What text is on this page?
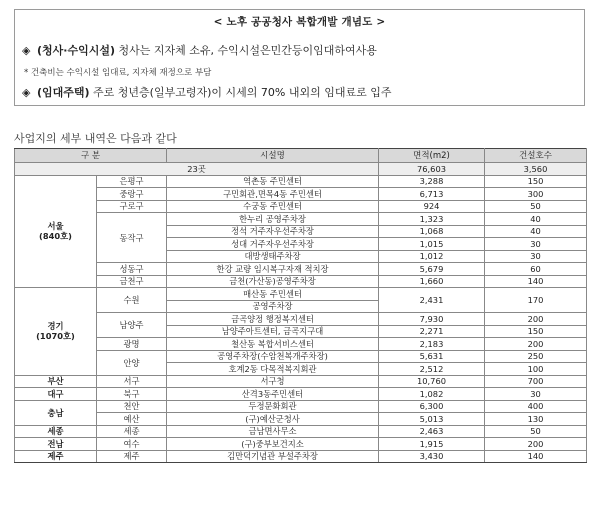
< 노후 공공청사 복합개발 개념도 >
◈ (청사·수익시설) 청사는 지자체 소유, 수익시설은민간등이임대하여사용
* 건축비는 수익시설 임대료, 지자체 재정으로 부담
◈ (임대주택) 주로 청년층(일부고령자)이 시세의 70% 내외의 임대료로 입주
사업지의 세부 내역은 다음과 같다
구 분		시설명	면적(m2)	건설호수
23곳			76,603	3,560
서울
(840호)	은평구	역촌동 주민센터	3,288	150
	중랑구	구민회관,면목4동 주민센터	6,713	300
	구로구	수궁동 주민센터	924	50
	동작구	한누리 공영주차장	1,323	40
		정석 거주자우선주차장	1,068	40
		성대 거주자우선주차장	1,015	30
		대방생태주차장	1,012	30
	성동구	한강 교량 임시복구자재 적치장	5,679	60
	금천구	금천(가산동)공영주차장	1,660	140
경기
(1070호)	수원	매산동 주민센터	2,431	170
		공영주차장		
	남양주	금곡양정 행정복지센터	7,930	200
		남양주아트센터, 금곡지구대	2,271	150
	광명	철산동 복합서비스센터	2,183	200
	안양	공영주차장(수암천복개주차장)	5,631	250
		호계2동 다목적복지회관	2,512	100
부산	서구	서구청	10,760	700
대구	북구	산격3동주민센터	1,082	30
충남	천안	두정문화회관	6,300	400
	예산	(구)예산군청사	5,013	130
세종	세종	금남면사무소	2,463	50
전남	여수	(구)중부보건지소	1,915	200
제주	제주	김만덕기념관 부설주차장	3,430	140
